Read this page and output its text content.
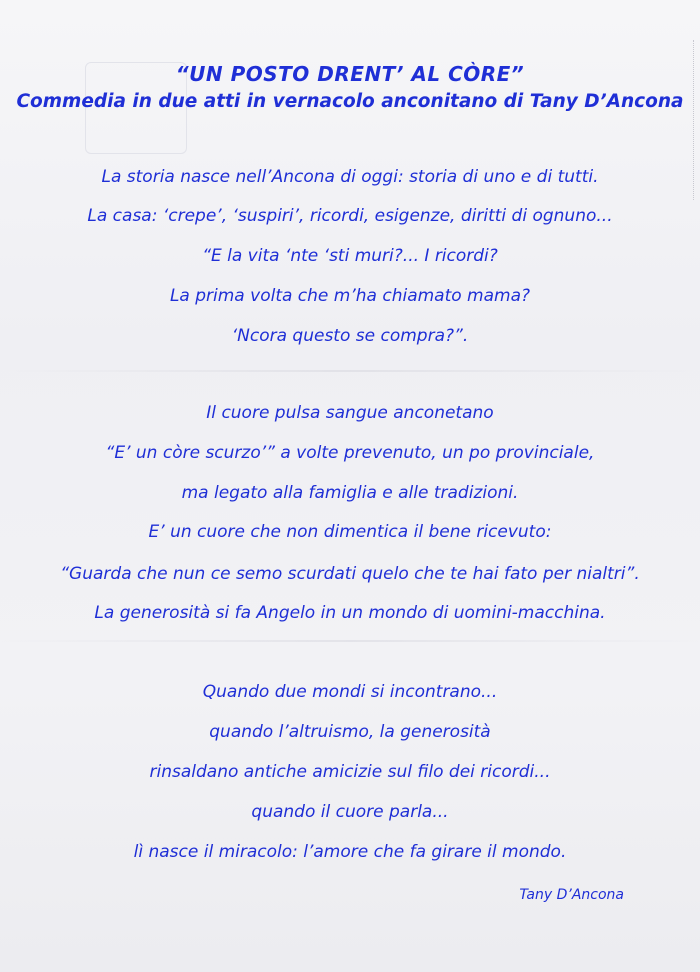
“UN POSTO DRENT’ AL CÒRE”
Commedia in due atti in vernacolo anconitano di Tany D’Ancona
La storia nasce nell’Ancona di oggi: storia di uno e di tutti.
La casa: ‘crepe’, ‘suspiri’, ricordi, esigenze, diritti di ognuno...
“E la vita ‘nte ‘sti muri?... I ricordi?
La prima volta che m’ha chiamato mama?
‘Ncora questo se compra?”.
Il cuore pulsa sangue anconetano
“E’ un còre scurzo’” a volte prevenuto, un po provinciale,
ma legato alla famiglia e alle tradizioni.
E’ un cuore che non dimentica il bene ricevuto:
“Guarda che nun ce semo scurdati quelo che te hai fato per nialtri”.
La generosità si fa Angelo in un mondo di uomini-macchina.
Quando due mondi si incontrano...
quando l’altruismo, la generosità
rinsaldano antiche amicizie sul filo dei ricordi...
quando il cuore parla...
lì nasce il miracolo: l’amore che fa girare il mondo.
Tany D’Ancona
